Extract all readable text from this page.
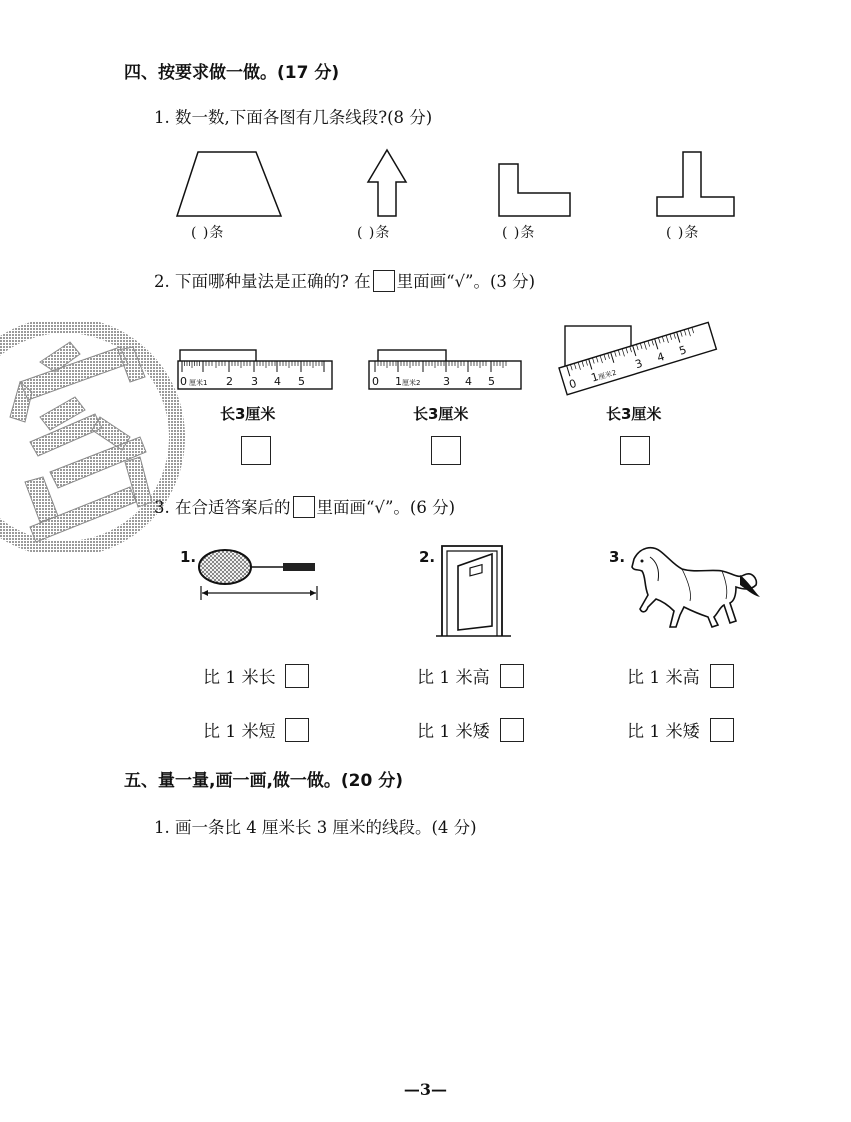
四、按要求做一做。(17 分)
1. 数一数,下面各图有几条线段?(8 分)
( )条	( )条	( )条	( )条
2. 下面哪种量法是正确的? 在 里面画“√”。(3 分)
0 厘米1 2 3 4 5	0 1 厘米2 3 4 5	0 1
厘米2
3 4 5
长3厘米	长3厘米	长3厘米
3. 在合适答案后的 里面画“√”。(6 分)
1.	2.	3.
比 1 米长
比 1 米短
比 1 米高
比 1 米矮
比 1 米高
比 1 米矮
五、量一量,画一画,做一做。(20 分)
1. 画一条比 4 厘米长 3 厘米的线段。(4 分)
—3—
